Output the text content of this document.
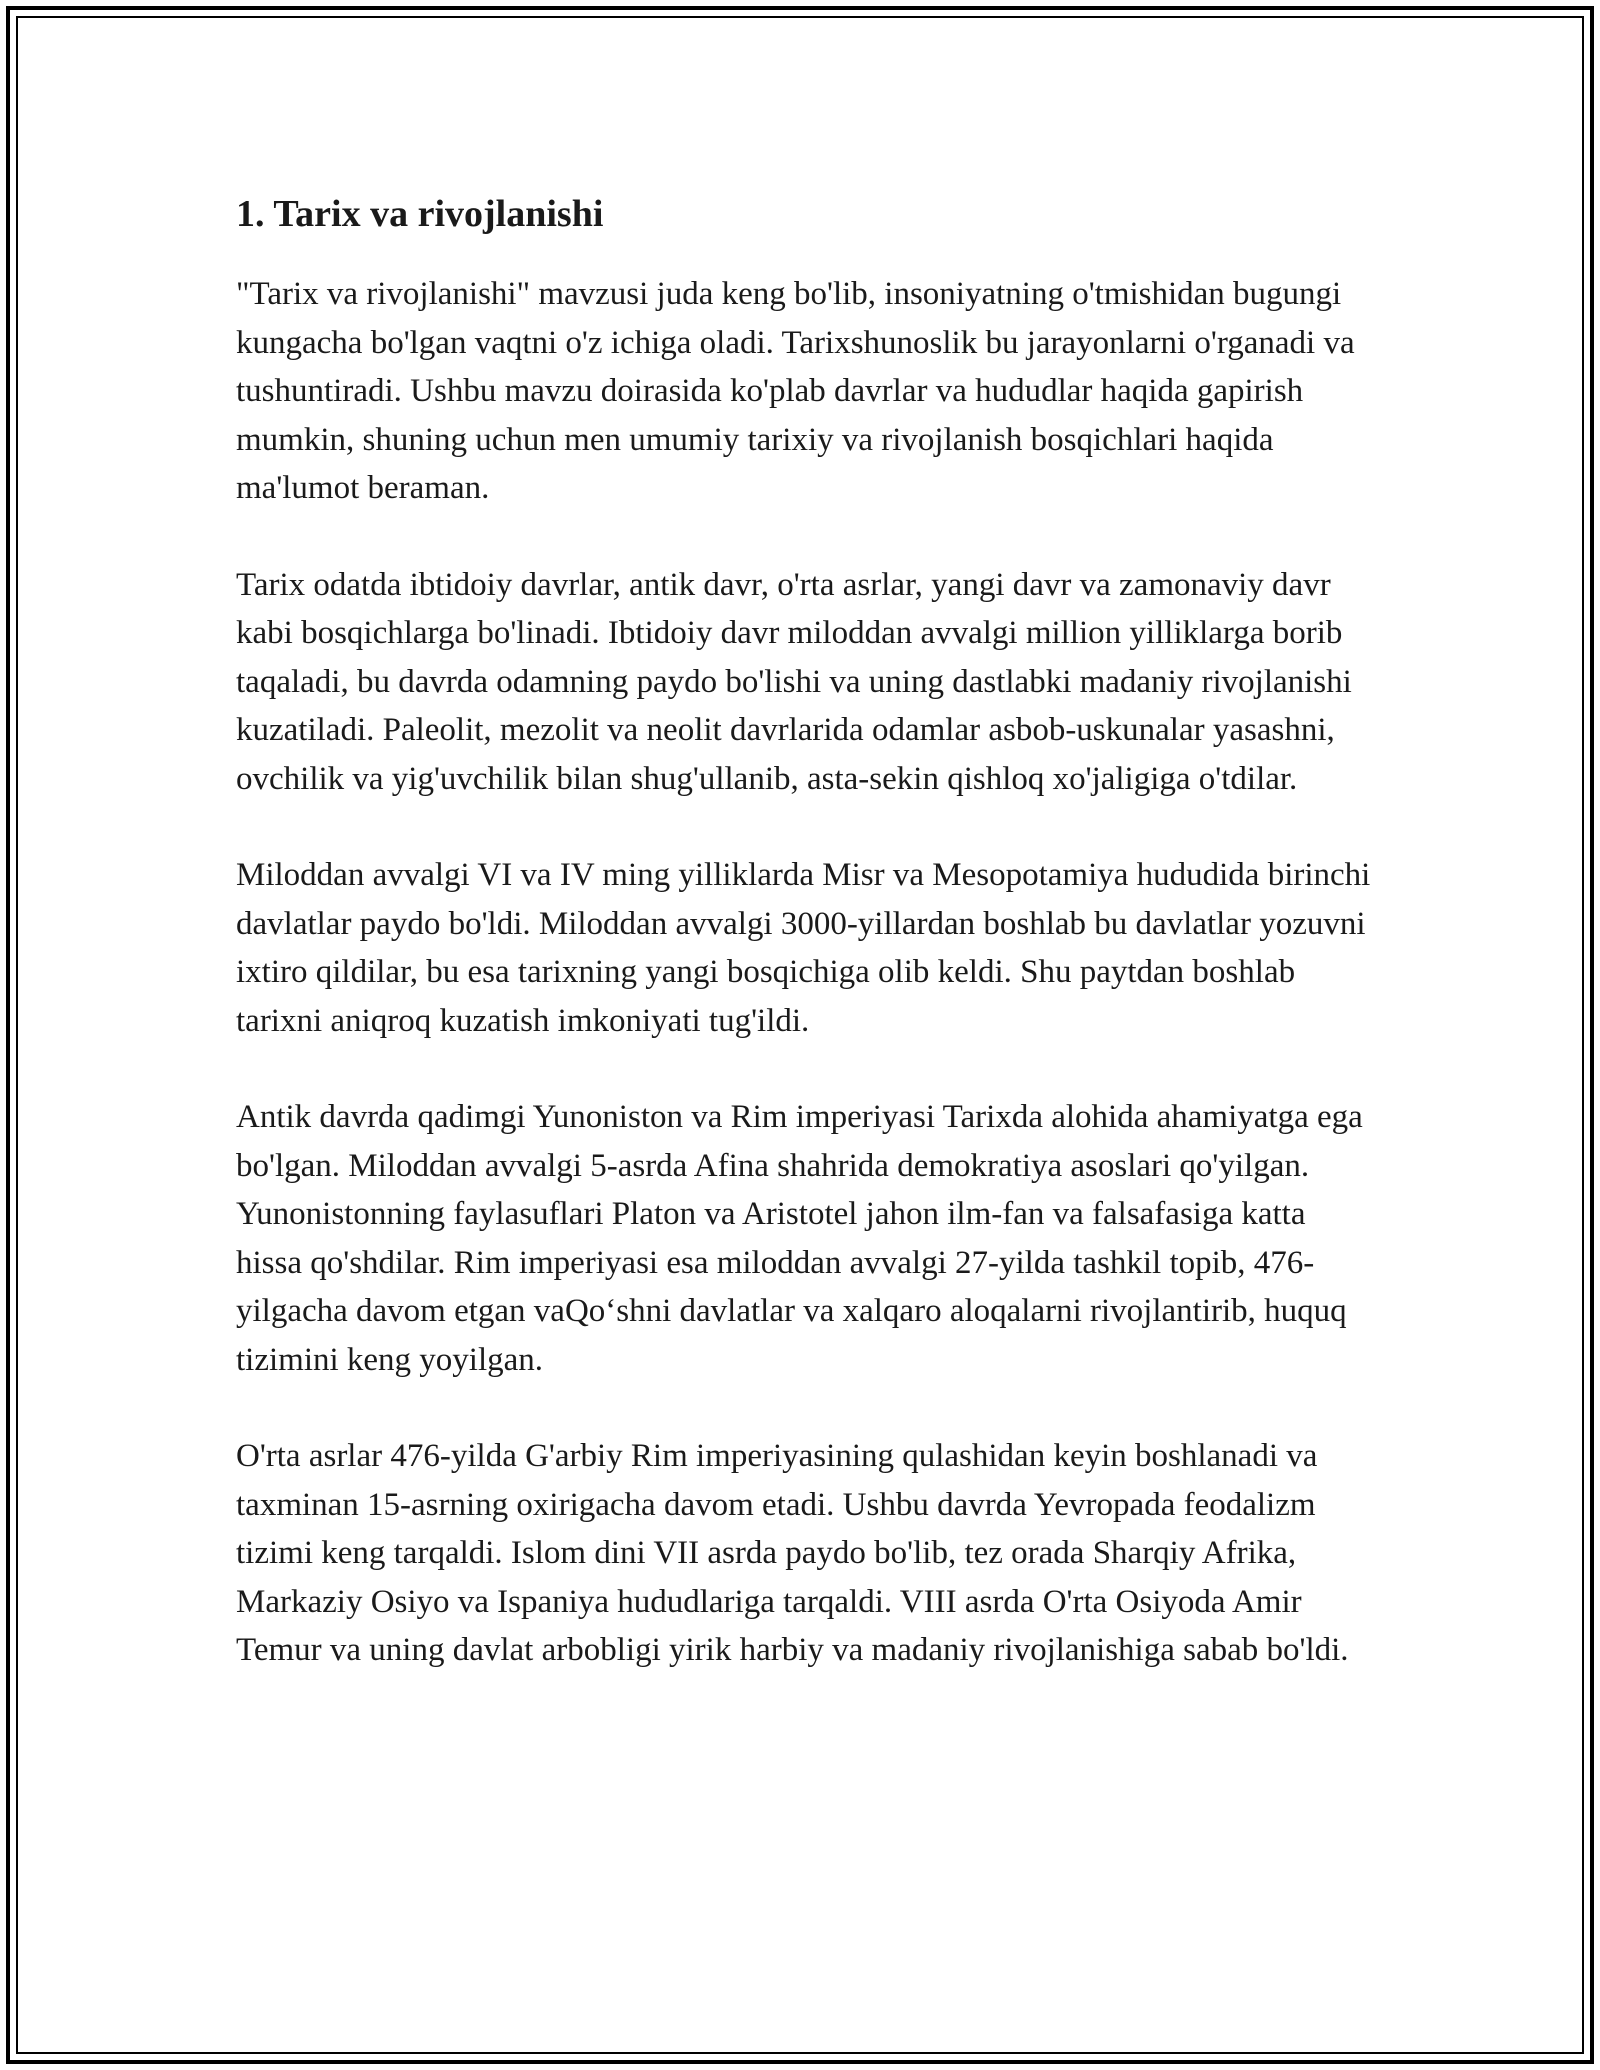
1. Tarix va rivojlanishi

"Tarix va rivojlanishi" mavzusi juda keng bo'lib, insoniyatning o'tmishidan bugungi kungacha bo'lgan vaqtni o'z ichiga oladi. Tarixshunoslik bu jarayonlarni o'rganadi va tushuntiradi. Ushbu mavzu doirasida ko'plab davrlar va hududlar haqida gapirish mumkin, shuning uchun men umumiy tarixiy va rivojlanish bosqichlari haqida ma'lumot beraman.

Tarix odatda ibtidoiy davrlar, antik davr, o'rta asrlar, yangi davr va zamonaviy davr kabi bosqichlarga bo'linadi. Ibtidoiy davr miloddan avvalgi million yilliklarga borib taqaladi, bu davrda odamning paydo bo'lishi va uning dastlabki madaniy rivojlanishi kuzatiladi. Paleolit, mezolit va neolit davrlarida odamlar asbob-uskunalar yasashni, ovchilik va yig'uvchilik bilan shug'ullanib, asta-sekin qishloq xo'jaligiga o'tdilar.

Miloddan avvalgi VI va IV ming yilliklarda Misr va Mesopotamiya hududida birinchi davlatlar paydo bo'ldi. Miloddan avvalgi 3000-yillardan boshlab bu davlatlar yozuvni ixtiro qildilar, bu esa tarixning yangi bosqichiga olib keldi. Shu paytdan boshlab tarixni aniqroq kuzatish imkoniyati tug'ildi.

Antik davrda qadimgi Yunoniston va Rim imperiyasi Tarixda alohida ahamiyatga ega bo'lgan. Miloddan avvalgi 5-asrda Afina shahrida demokratiya asoslari qo'yilgan. Yunonistonning faylasuflari Platon va Aristotel jahon ilm-fan va falsafasiga katta hissa qo'shdilar. Rim imperiyasi esa miloddan avvalgi 27-yilda tashkil topib, 476-yilgacha davom etgan vaQo‘shni davlatlar va xalqaro aloqalarni rivojlantirib, huquq tizimini keng yoyilgan.

O'rta asrlar 476-yilda G'arbiy Rim imperiyasining qulashidan keyin boshlanadi va taxminan 15-asrning oxirigacha davom etadi. Ushbu davrda Yevropada feodalizm tizimi keng tarqaldi. Islom dini VII asrda paydo bo'lib, tez orada Sharqiy Afrika, Markaziy Osiyo va Ispaniya hududlariga tarqaldi. VIII asrda O'rta Osiyoda Amir Temur va uning davlat arbobligi yirik harbiy va madaniy rivojlanishiga sabab bo'ldi.
